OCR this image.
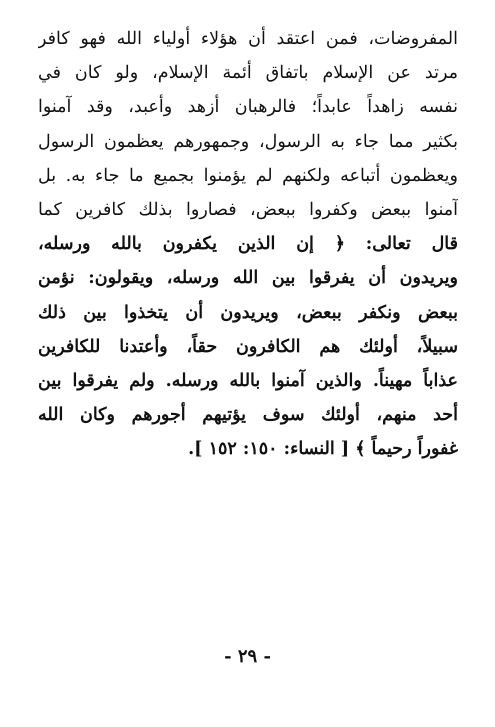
المفروضات، فمن اعتقد أن هؤلاء أولياء الله فهو كافر
مرتد عن الإسلام باتفاق أئمة الإسلام، ولو كان في
نفسه زاهداً عابداً؛ فالرهبان أزهد وأعبد، وقد آمنوا
بكثير مما جاء به الرسول، وجمهورهم يعظمون الرسول
ويعظمون أتباعه ولكنهم لم يؤمنوا بجميع ما جاء به. بل
آمنوا ببعض وكفروا ببعض، فصاروا بذلك كافرين كما
قال تعالى: ﴿ إن الذين يكفرون بالله ورسله،
ويريدون أن يفرقوا بين الله ورسله، ويقولون: نؤمن
ببعض ونكفر ببعض، ويريدون أن يتخذوا بين ذلك
سبيلاً، أولئك هم الكافرون حقاً، وأعتدنا للكافرين
عذاباً مهيناً. والذين آمنوا بالله ورسله. ولم يفرقوا بين
أحد منهم، أولئك سوف يؤتيهم أجورهم وكان الله
غفوراً رحيماً ﴾ [ النساء: ١٥٠: ١٥٢ ].
- ٢٩ -
